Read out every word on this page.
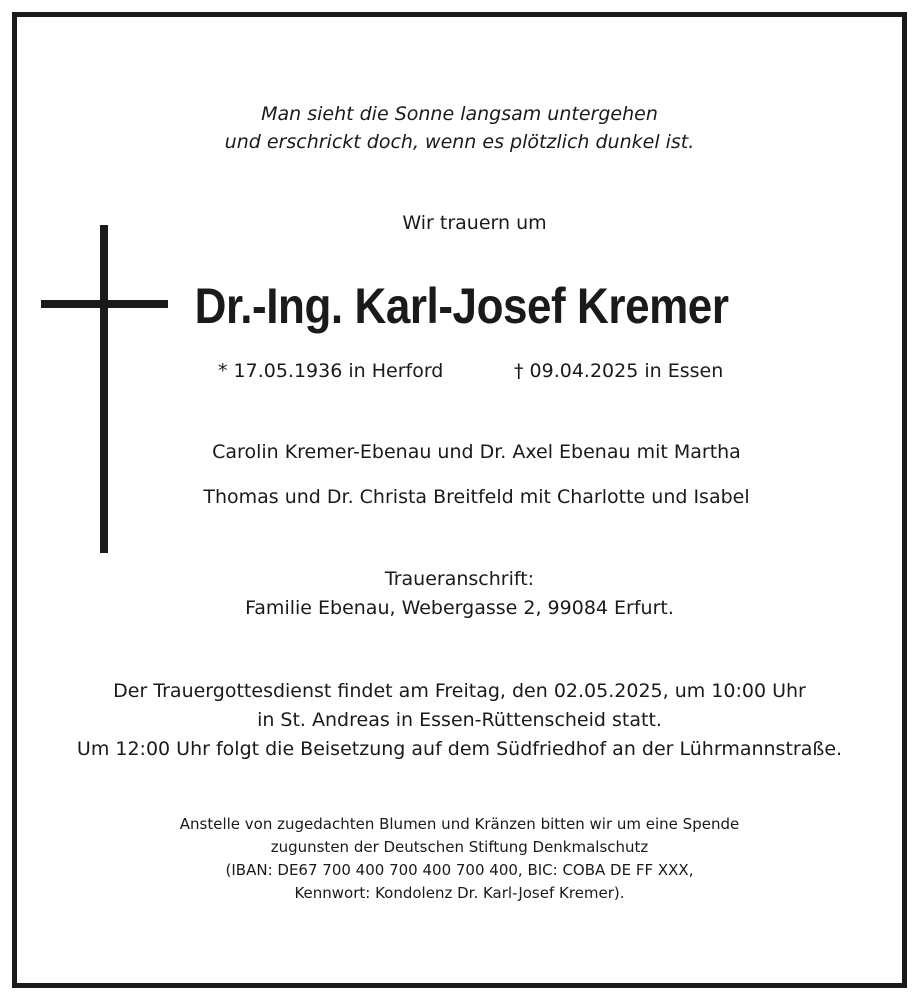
Man sieht die Sonne langsam untergehen
und erschrickt doch, wenn es plötzlich dunkel ist.
Wir trauern um
Dr.-Ing. Karl-Josef Kremer
* 17.05.1936 in Herford	† 09.04.2025 in Essen
Carolin Kremer-Ebenau und Dr. Axel Ebenau mit Martha
Thomas und Dr. Christa Breitfeld mit Charlotte und Isabel
Traueranschrift:
Familie Ebenau, Webergasse 2, 99084 Erfurt.
Der Trauergottesdienst findet am Freitag, den 02.05.2025, um 10:00 Uhr
in St. Andreas in Essen-Rüttenscheid statt.
Um 12:00 Uhr folgt die Beisetzung auf dem Südfriedhof an der Lührmannstraße.
Anstelle von zugedachten Blumen und Kränzen bitten wir um eine Spende
zugunsten der Deutschen Stiftung Denkmalschutz
(IBAN: DE67 700 400 700 400 700 400, BIC: COBA DE FF XXX,
Kennwort: Kondolenz Dr. Karl-Josef Kremer).
